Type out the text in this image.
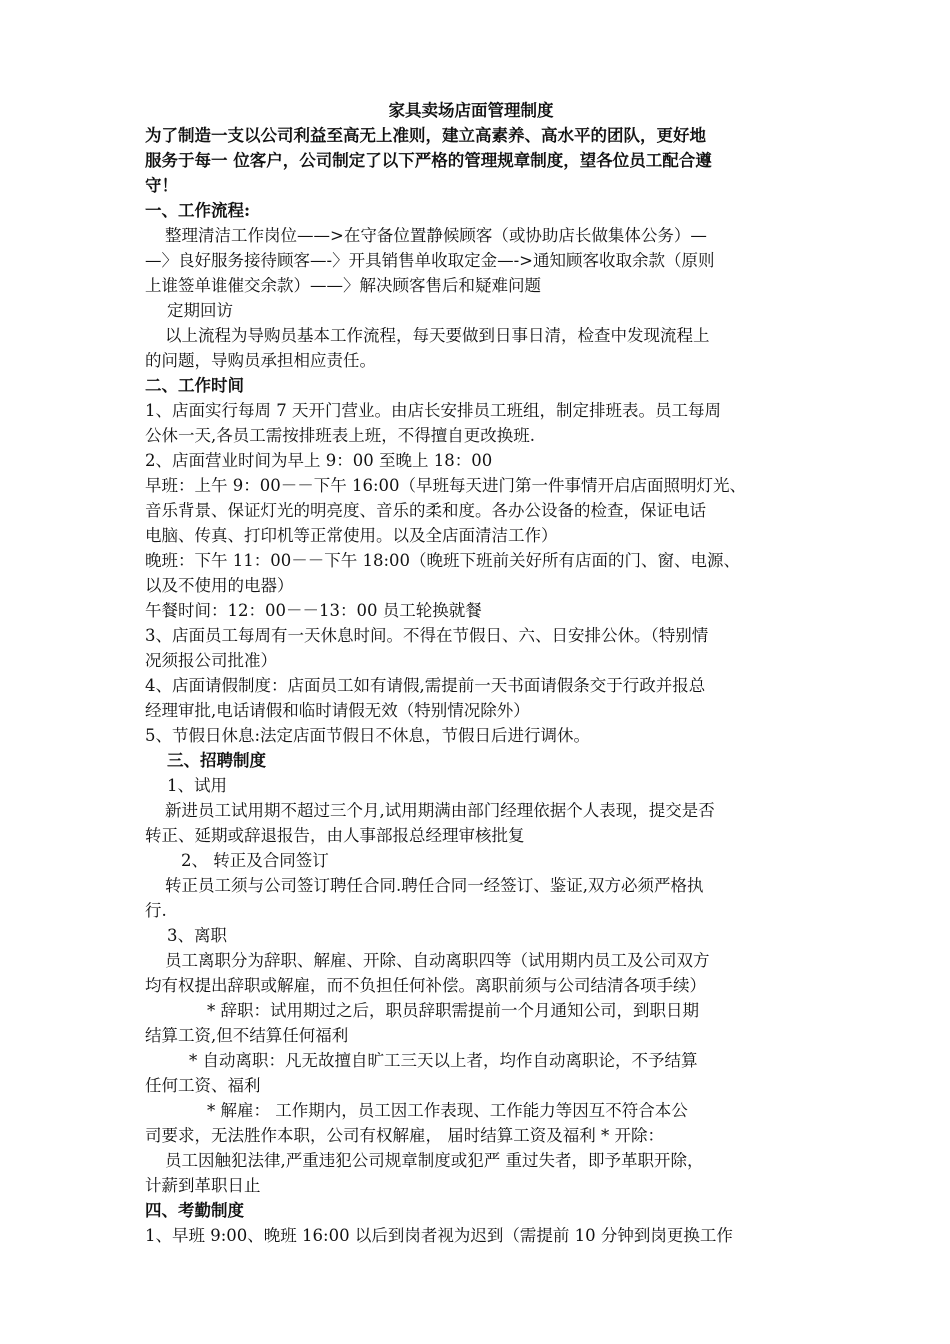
家具卖场店面管理制度
为了制造一支以公司利益至高无上准则，建立高素养、高水平的团队，更好地
服务于每一 位客户，公司制定了以下严格的管理规章制度，望各位员工配合遵
守！
一、工作流程:
整理清洁工作岗位——>在守备位置静候顾客（或协助店长做集体公务）—
—〉良好服务接待顾客—-〉开具销售单收取定金—->通知顾客收取余款（原则
上谁签单谁催交余款）——〉解决顾客售后和疑难问题
定期回访
以上流程为导购员基本工作流程，每天要做到日事日清，检查中发现流程上
的问题，导购员承担相应责任。
二、工作时间
1、店面实行每周 7 天开门营业。由店长安排员工班组，制定排班表。员工每周
公休一天,各员工需按排班表上班，不得擅自更改换班.
2、店面营业时间为早上 9：00 至晚上 18：00
早班：上午 9：00－－下午 16:00（早班每天进门第一件事情开启店面照明灯光、
音乐背景、保证灯光的明亮度、音乐的柔和度。各办公设备的检查，保证电话
电脑、传真、打印机等正常使用。以及全店面清洁工作）
晚班：下午 11：00－－下午 18:00（晚班下班前关好所有店面的门、窗、电源、
以及不使用的电器）
午餐时间：12：00－－13：00 员工轮换就餐
3、店面员工每周有一天休息时间。不得在节假日、六、日安排公休。（特别情
况须报公司批准）
4、店面请假制度：店面员工如有请假,需提前一天书面请假条交于行政并报总
经理审批,电话请假和临时请假无效（特别情况除外）
5、节假日休息:法定店面节假日不休息，节假日后进行调休。
三、招聘制度
1、试用
新进员工试用期不超过三个月,试用期满由部门经理依据个人表现，提交是否
转正、延期或辞退报告，由人事部报总经理审核批复
2、 转正及合同签订
转正员工须与公司签订聘任合同.聘任合同一经签订、鉴证,双方必须严格执
行.
3、离职
员工离职分为辞职、解雇、开除、自动离职四等（试用期内员工及公司双方
均有权提出辞职或解雇，而不负担任何补偿。离职前须与公司结清各项手续）
* 辞职：试用期过之后，职员辞职需提前一个月通知公司，到职日期
结算工资,但不结算任何福利
* 自动离职：凡无故擅自旷工三天以上者，均作自动离职论，不予结算
任何工资、福利
* 解雇： 工作期内，员工因工作表现、工作能力等因互不符合本公
司要求，无法胜作本职，公司有权解雇， 届时结算工资及福利 * 开除：
员工因触犯法律,严重违犯公司规章制度或犯严 重过失者，即予革职开除，
计薪到革职日止
四、考勤制度
1、早班 9:00、晚班 16:00 以后到岗者视为迟到（需提前 10 分钟到岗更换工作
